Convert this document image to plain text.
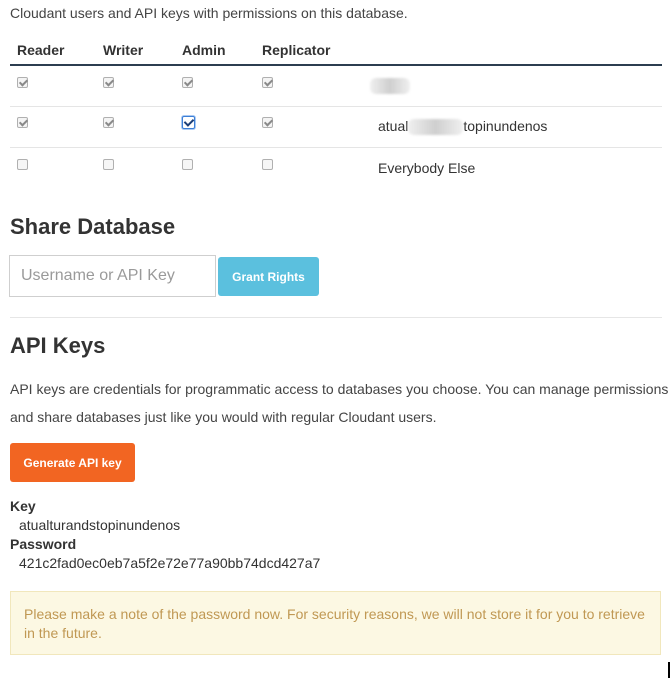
Cloudant users and API keys with permissions on this database.
Reader	Writer	Admin	Replicator	

				atual topinundenos
				Everybody Else
Share Database
Username or API Key
Grant Rights
API Keys
API keys are credentials for programmatic access to databases you choose. You can manage permissions and share databases just like you would with regular Cloudant users.
Generate API key
Key
atualturandstopinundenos
Password
421c2fad0ec0eb7a5f2e72e77a90bb74dcd427a7
Please make a note of the password now. For security reasons, we will not store it for you to retrieve in the future.
